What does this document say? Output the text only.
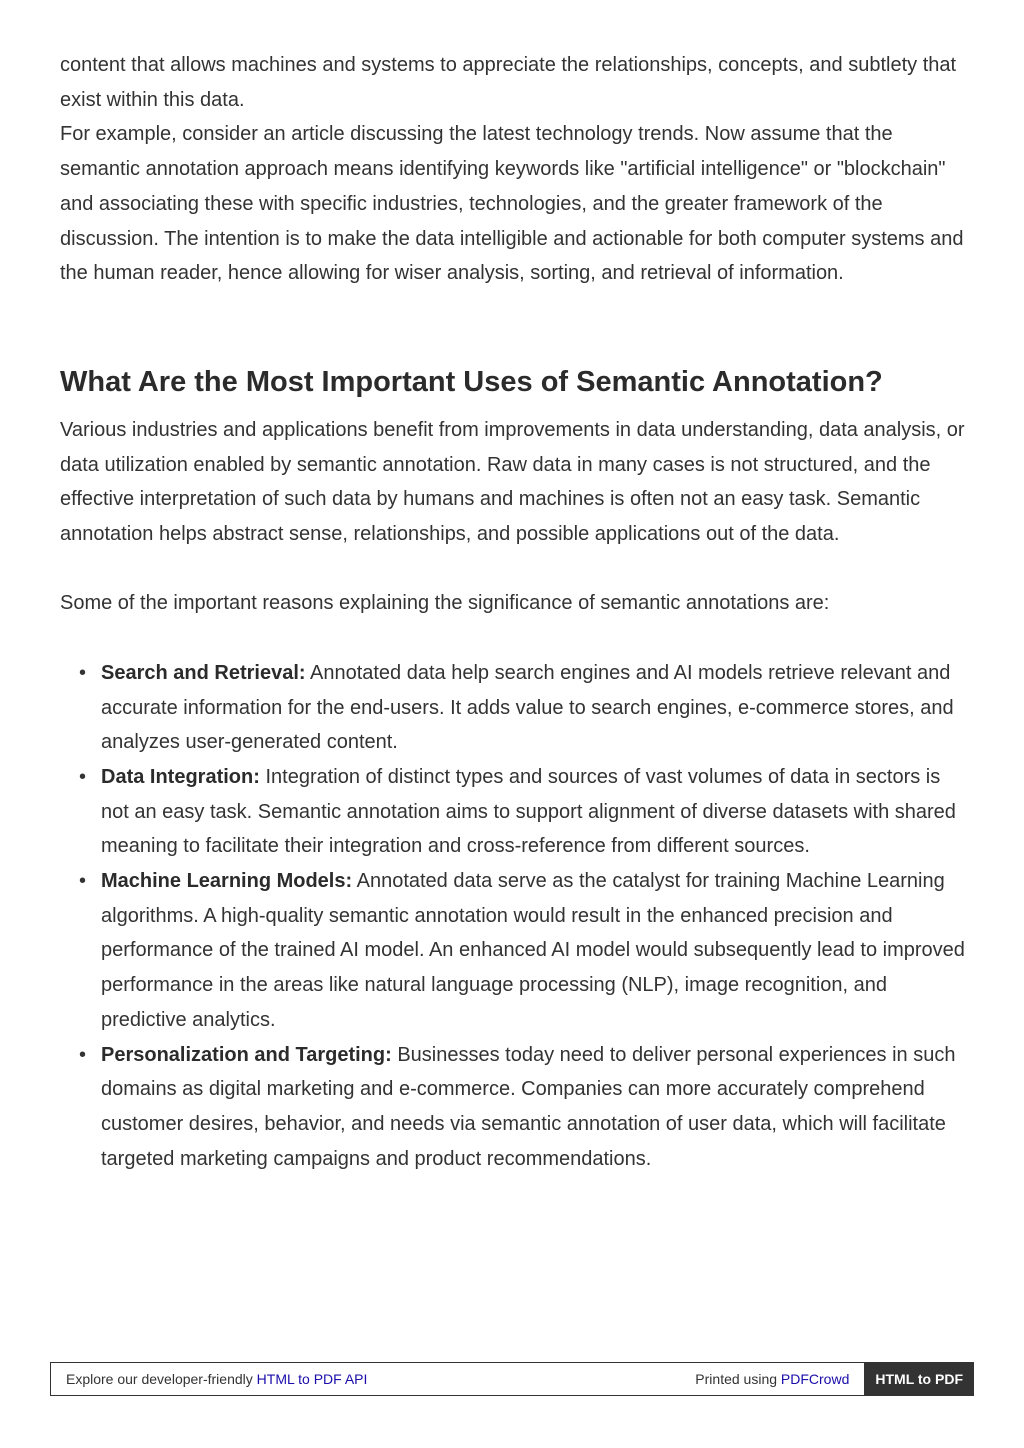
content that allows machines and systems to appreciate the relationships, concepts, and subtlety that exist within this data.

For example, consider an article discussing the latest technology trends. Now assume that the semantic annotation approach means identifying keywords like "artificial intelligence" or "blockchain" and associating these with specific industries, technologies, and the greater framework of the discussion. The intention is to make the data intelligible and actionable for both computer systems and the human reader, hence allowing for wiser analysis, sorting, and retrieval of information.

What Are the Most Important Uses of Semantic Annotation?

Various industries and applications benefit from improvements in data understanding, data analysis, or data utilization enabled by semantic annotation. Raw data in many cases is not structured, and the effective interpretation of such data by humans and machines is often not an easy task. Semantic annotation helps abstract sense, relationships, and possible applications out of the data.

Some of the important reasons explaining the significance of semantic annotations are:

• Search and Retrieval: Annotated data help search engines and AI models retrieve relevant and accurate information for the end-users. It adds value to search engines, e-commerce stores, and analyzes user-generated content.
• Data Integration: Integration of distinct types and sources of vast volumes of data in sectors is not an easy task. Semantic annotation aims to support alignment of diverse datasets with shared meaning to facilitate their integration and cross-reference from different sources.
• Machine Learning Models: Annotated data serve as the catalyst for training Machine Learning algorithms. A high-quality semantic annotation would result in the enhanced precision and performance of the trained AI model. An enhanced AI model would subsequently lead to improved performance in the areas like natural language processing (NLP), image recognition, and predictive analytics.
• Personalization and Targeting: Businesses today need to deliver personal experiences in such domains as digital marketing and e-commerce. Companies can more accurately comprehend customer desires, behavior, and needs via semantic annotation of user data, which will facilitate targeted marketing campaigns and product recommendations.
Explore our developer-friendly HTML to PDF API	Printed using PDFCrowd	HTML to PDF
